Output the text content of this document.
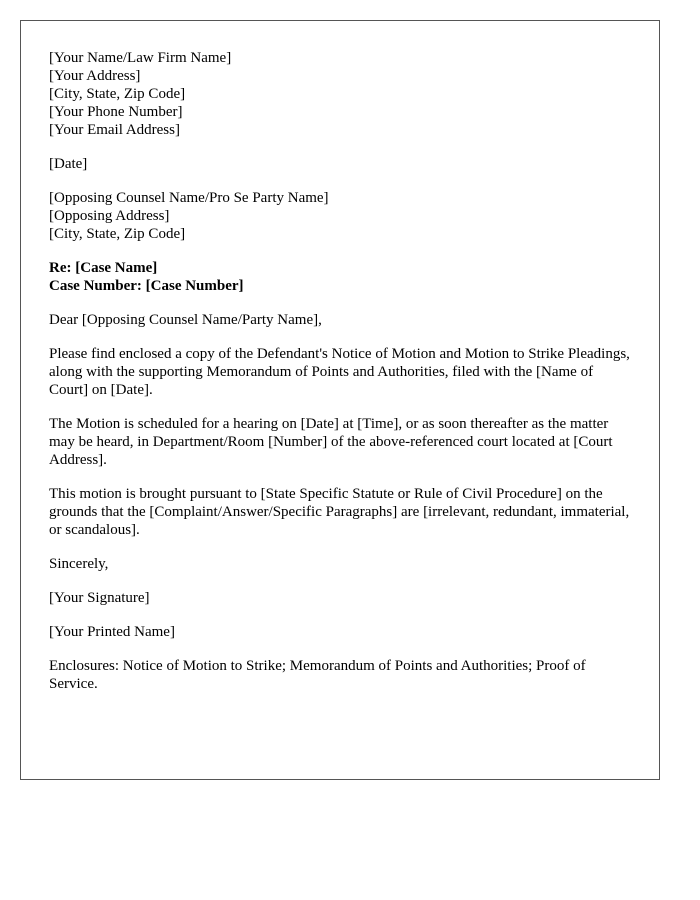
[Your Name/Law Firm Name]
[Your Address]
[City, State, Zip Code]
[Your Phone Number]
[Your Email Address]
[Date]
[Opposing Counsel Name/Pro Se Party Name]
[Opposing Address]
[City, State, Zip Code]
Re: [Case Name]
Case Number: [Case Number]

Dear [Opposing Counsel Name/Party Name],

Please find enclosed a copy of the Defendant's Notice of Motion and Motion to Strike Pleadings, along with the supporting Memorandum of Points and Authorities, filed with the [Name of Court] on [Date].

The Motion is scheduled for a hearing on [Date] at [Time], or as soon thereafter as the matter may be heard, in Department/Room [Number] of the above-referenced court located at [Court Address].

This motion is brought pursuant to [State Specific Statute or Rule of Civil Procedure] on the grounds that the [Complaint/Answer/Specific Paragraphs] are [irrelevant, redundant, immaterial, or scandalous].

Sincerely,

[Your Signature]

[Your Printed Name]

Enclosures: Notice of Motion to Strike; Memorandum of Points and Authorities; Proof of Service.
